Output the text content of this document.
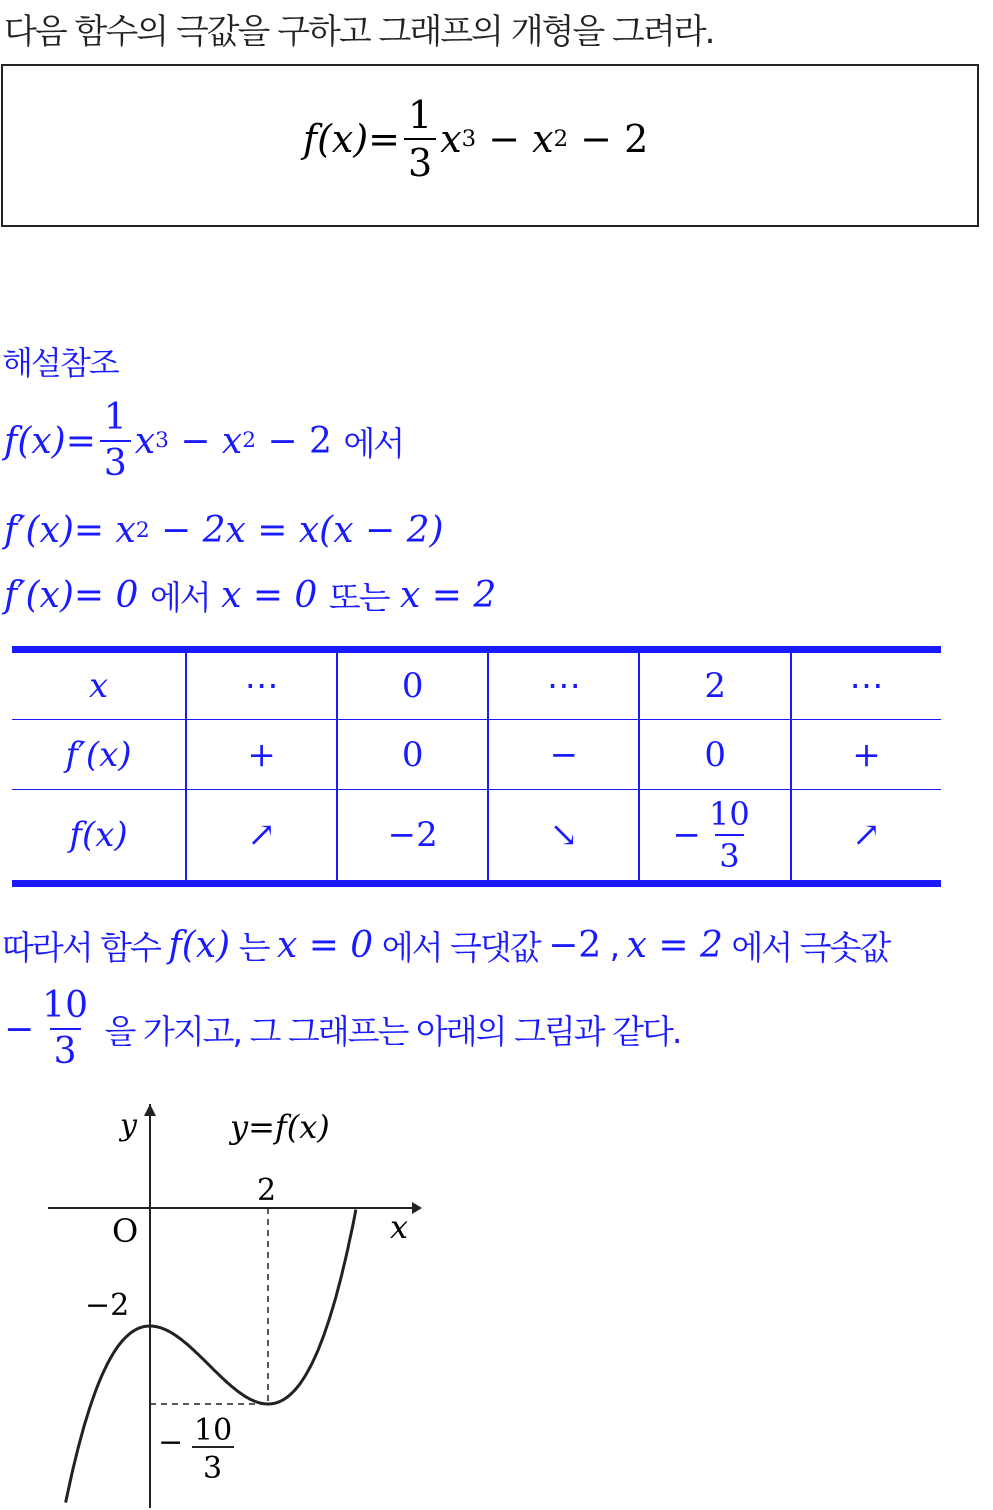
다음 함수의 극값을 구하고 그래프의 개형을 그려라.
$f(x)= \frac{1}{3}$ x 3 − x 2 − 2
해설참조
$f(x)= \frac{1}{3}$ x 3 − x 2 − 2 에서
f′(x)= x 2 − 2x = x(x − 2)
f′(x)= 0 에서 x = 0 또는 x = 2
x	⋯	0	⋯	2	⋯
f′(x)	+	0	−	0	+
f(x)	↗	−2	↘	− $\frac{10}{3}$	↗
따라서 함수 f(x) 는 x = 0 에서 극댓값 −2 , x = 2 에서 극솟값
− $\frac{10}{3}$ 을 가지고, 그 그래프는 아래의 그림과 같다.
y
x
O
y=f(x)
2
−2
− 10
3
